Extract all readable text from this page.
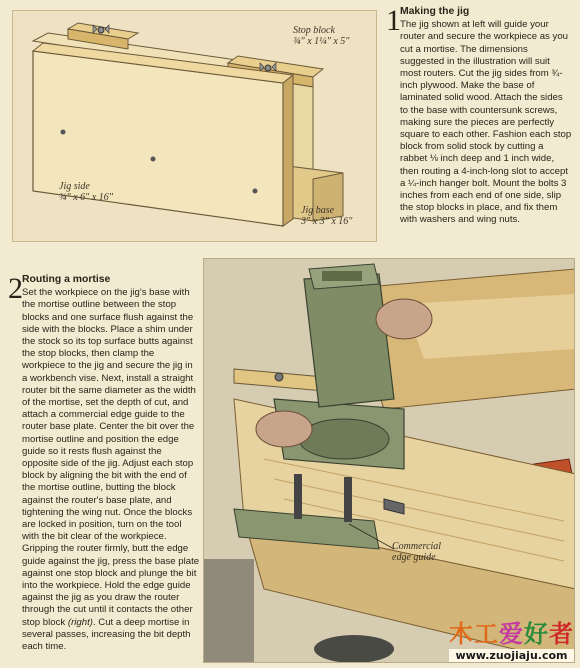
Stop block
¾" x 1¼" x 5"
Jig side
¾" x 6" x 16"
Jig base
3" x 3" x 16"
1 Making the jig

The jig shown at left will guide your router and secure the workpiece as you cut a mortise. The dimensions suggested in the illustration will suit most routers. Cut the jig sides from ¾-inch plywood. Make the base of laminated solid wood. Attach the sides to the base with countersunk screws, making sure the pieces are perfectly square to each other. Fashion each stop block from solid stock by cutting a rabbet ⅛ inch deep and 1 inch wide, then routing a 4-inch-long slot to accept a ¼-inch hanger bolt. Mount the bolts 3 inches from each end of one side, slip the stop blocks in place, and fix them with washers and wing nuts.

2 Routing a mortise

Set the workpiece on the jig's base with the mortise outline between the stop blocks and one surface flush against the side with the blocks. Place a shim under the stock so its top surface butts against the stop blocks, then clamp the workpiece to the jig and secure the jig in a workbench vise. Next, install a straight router bit the same diameter as the width of the mortise, set the depth of cut, and attach a commercial edge guide to the router base plate. Center the bit over the mortise outline and position the edge guide so it rests flush against the opposite side of the jig. Adjust each stop block by aligning the bit with the end of the mortise outline, butting the block against the router's base plate, and tightening the wing nut. Once the blocks are locked in position, turn on the tool with the bit clear of the workpiece. Gripping the router firmly, butt the edge guide against the jig, press the base plate against one stop block and plunge the bit into the workpiece. Hold the edge guide against the jig as you draw the router through the cut until it contacts the other stop block (right). Cut a deep mortise in several passes, increasing the bit depth each time.

Commercial
edge guide
木工爱好者
www.zuojiaju.com
